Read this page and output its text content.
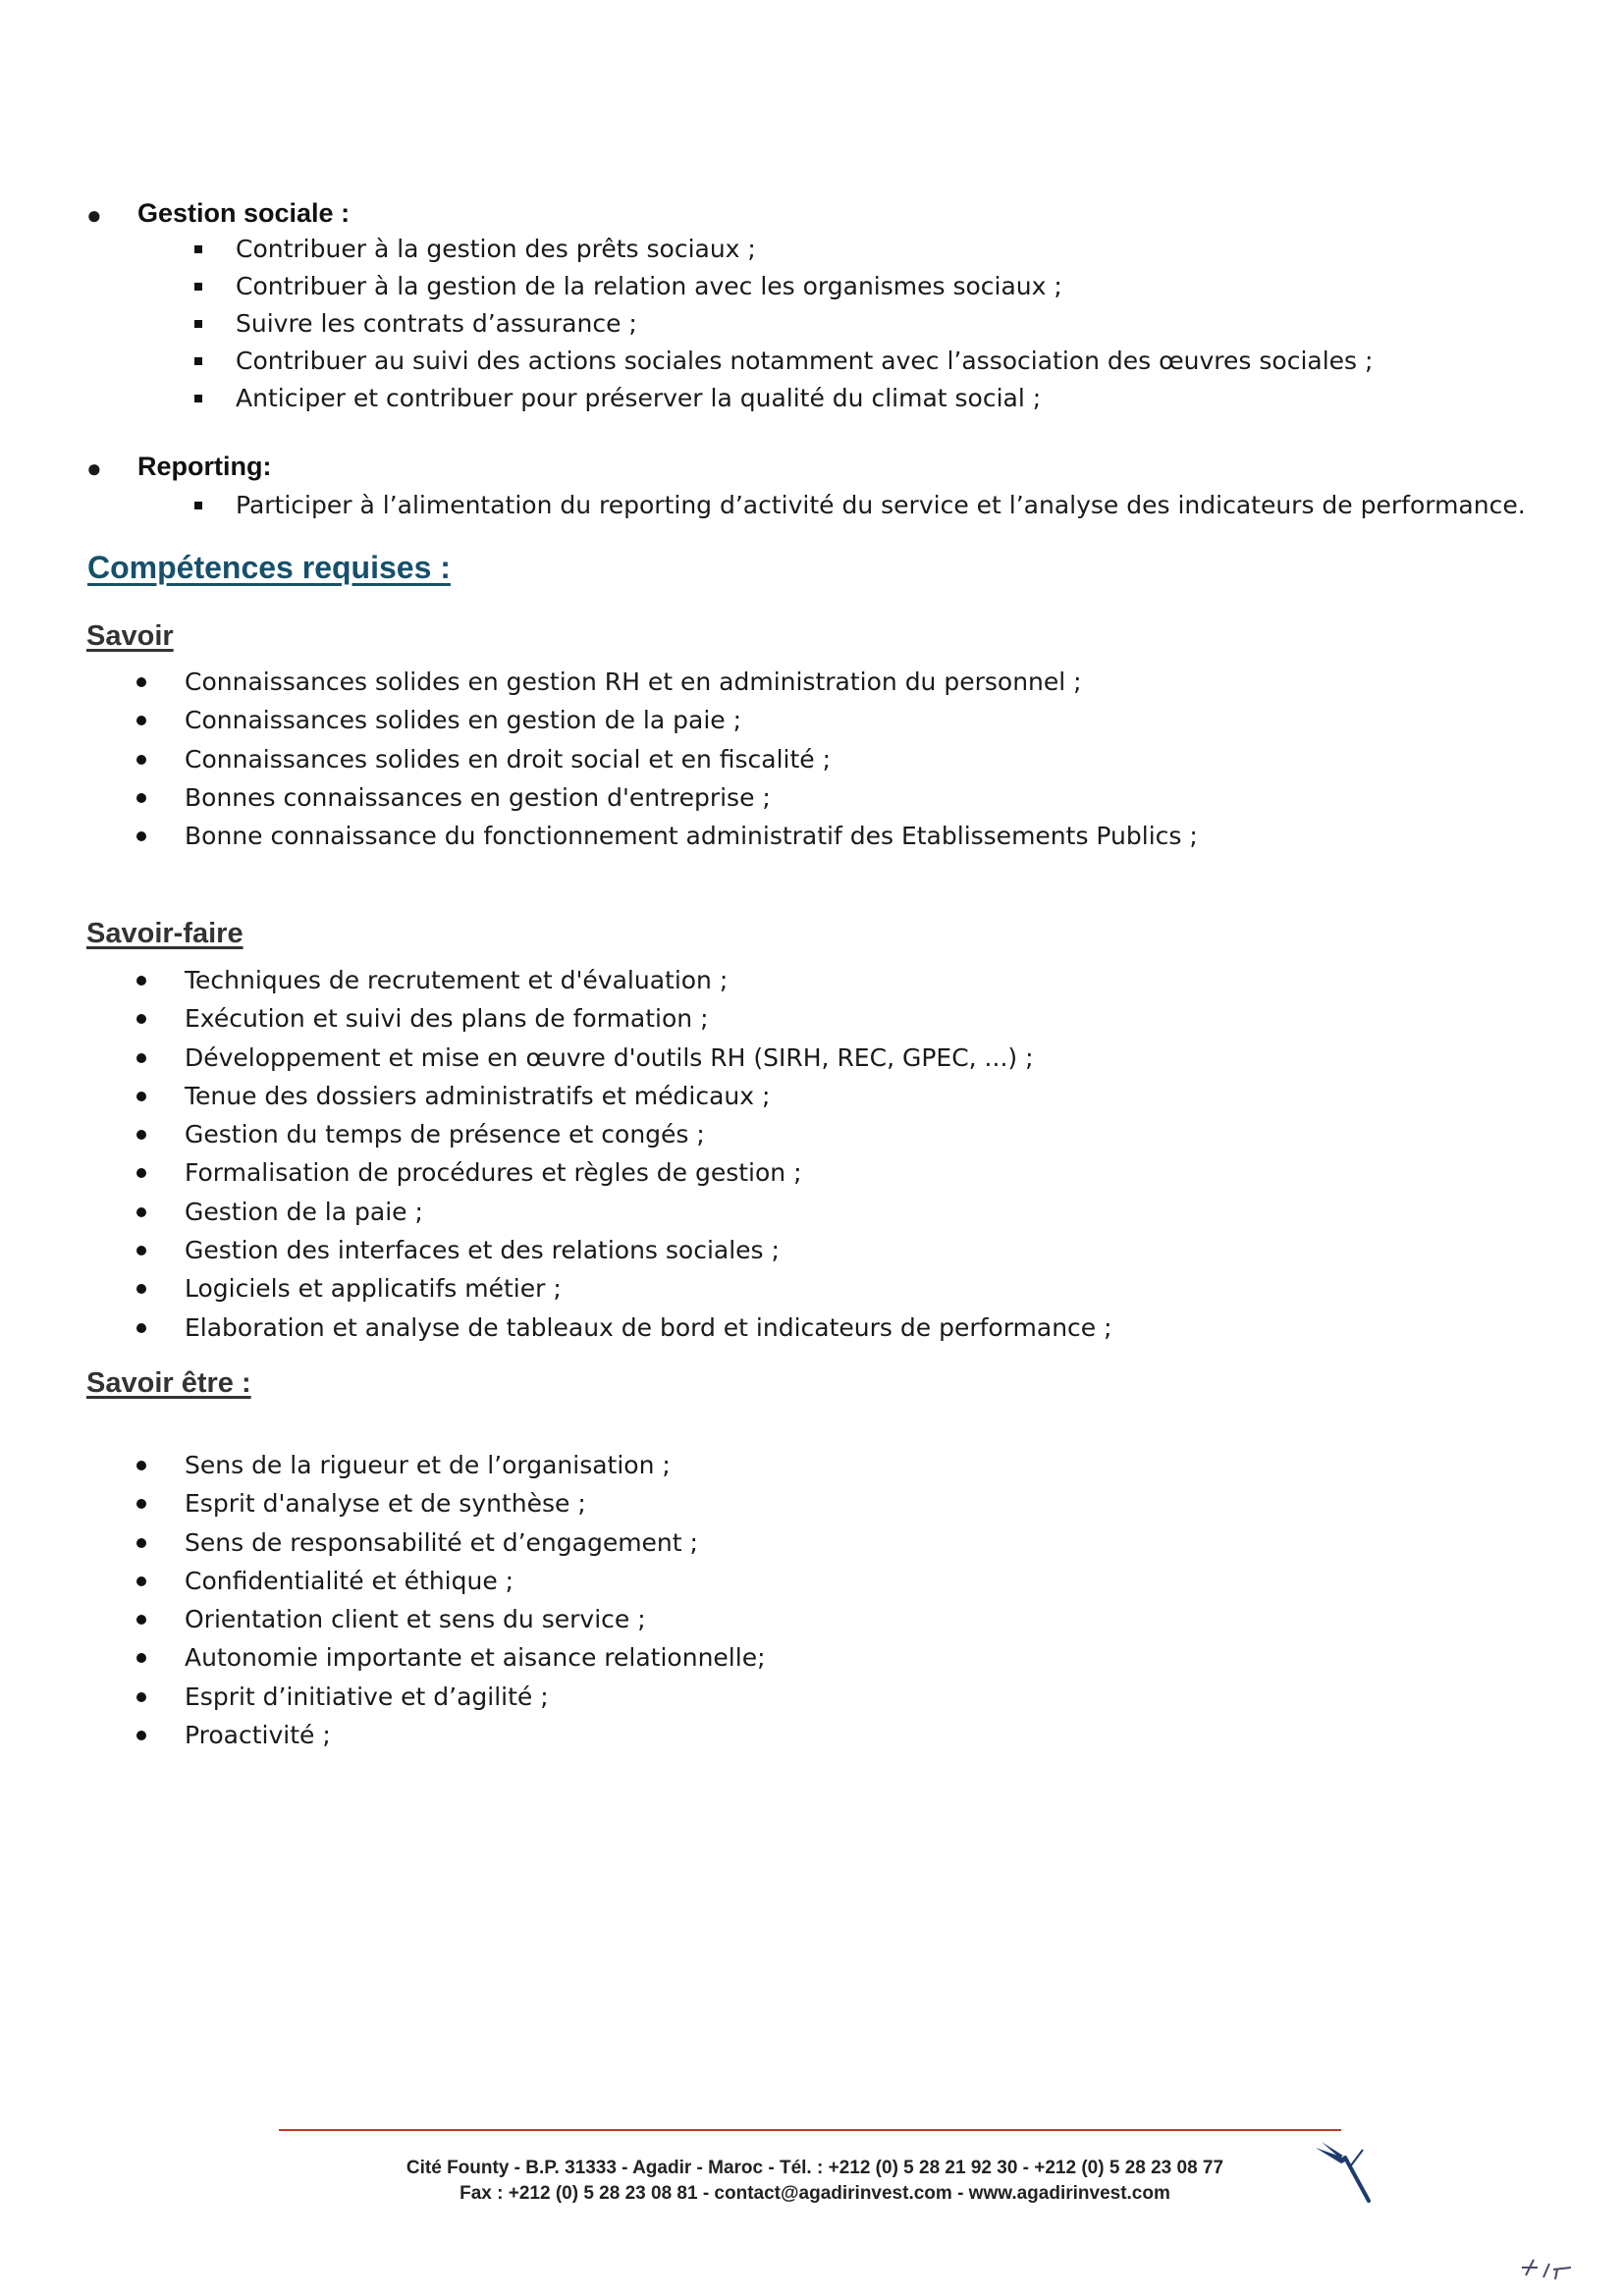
● Gestion sociale :
Contribuer à la gestion des prêts sociaux ;
Contribuer à la gestion de la relation avec les organismes sociaux ;
Suivre les contrats d’assurance ;
Contribuer au suivi des actions sociales notamment avec l’association des œuvres sociales ;
Anticiper et contribuer pour préserver la qualité du climat social ;
● Reporting:
Participer à l’alimentation du reporting d’activité du service et l’analyse des indicateurs de performance.
Compétences requises :
Savoir
Connaissances solides en gestion RH et en administration du personnel ;
Connaissances solides en gestion de la paie ;
Connaissances solides en droit social et en fiscalité ;
Bonnes connaissances en gestion d'entreprise ;
Bonne connaissance du fonctionnement administratif des Etablissements Publics ;
Savoir-faire
Techniques de recrutement et d'évaluation ;
Exécution et suivi des plans de formation ;
Développement et mise en œuvre d'outils RH (SIRH, REC, GPEC, ...) ;
Tenue des dossiers administratifs et médicaux ;
Gestion du temps de présence et congés ;
Formalisation de procédures et règles de gestion ;
Gestion de la paie ;
Gestion des interfaces et des relations sociales ;
Logiciels et applicatifs métier ;
Elaboration et analyse de tableaux de bord et indicateurs de performance ;
Savoir être :
Sens de la rigueur et de l’organisation ;
Esprit d'analyse et de synthèse ;
Sens de responsabilité et d’engagement ;
Confidentialité et éthique ;
Orientation client et sens du service ;
Autonomie importante et aisance relationnelle;
Esprit d’initiative et d’agilité ;
Proactivité ;
Cité Founty - B.P. 31333 - Agadir - Maroc - Tél. : +212 (0) 5 28 21 92 30 - +212 (0) 5 28 23 08 77
Fax : +212 (0) 5 28 23 08 81 - contact@agadirinvest.com - www.agadirinvest.com
